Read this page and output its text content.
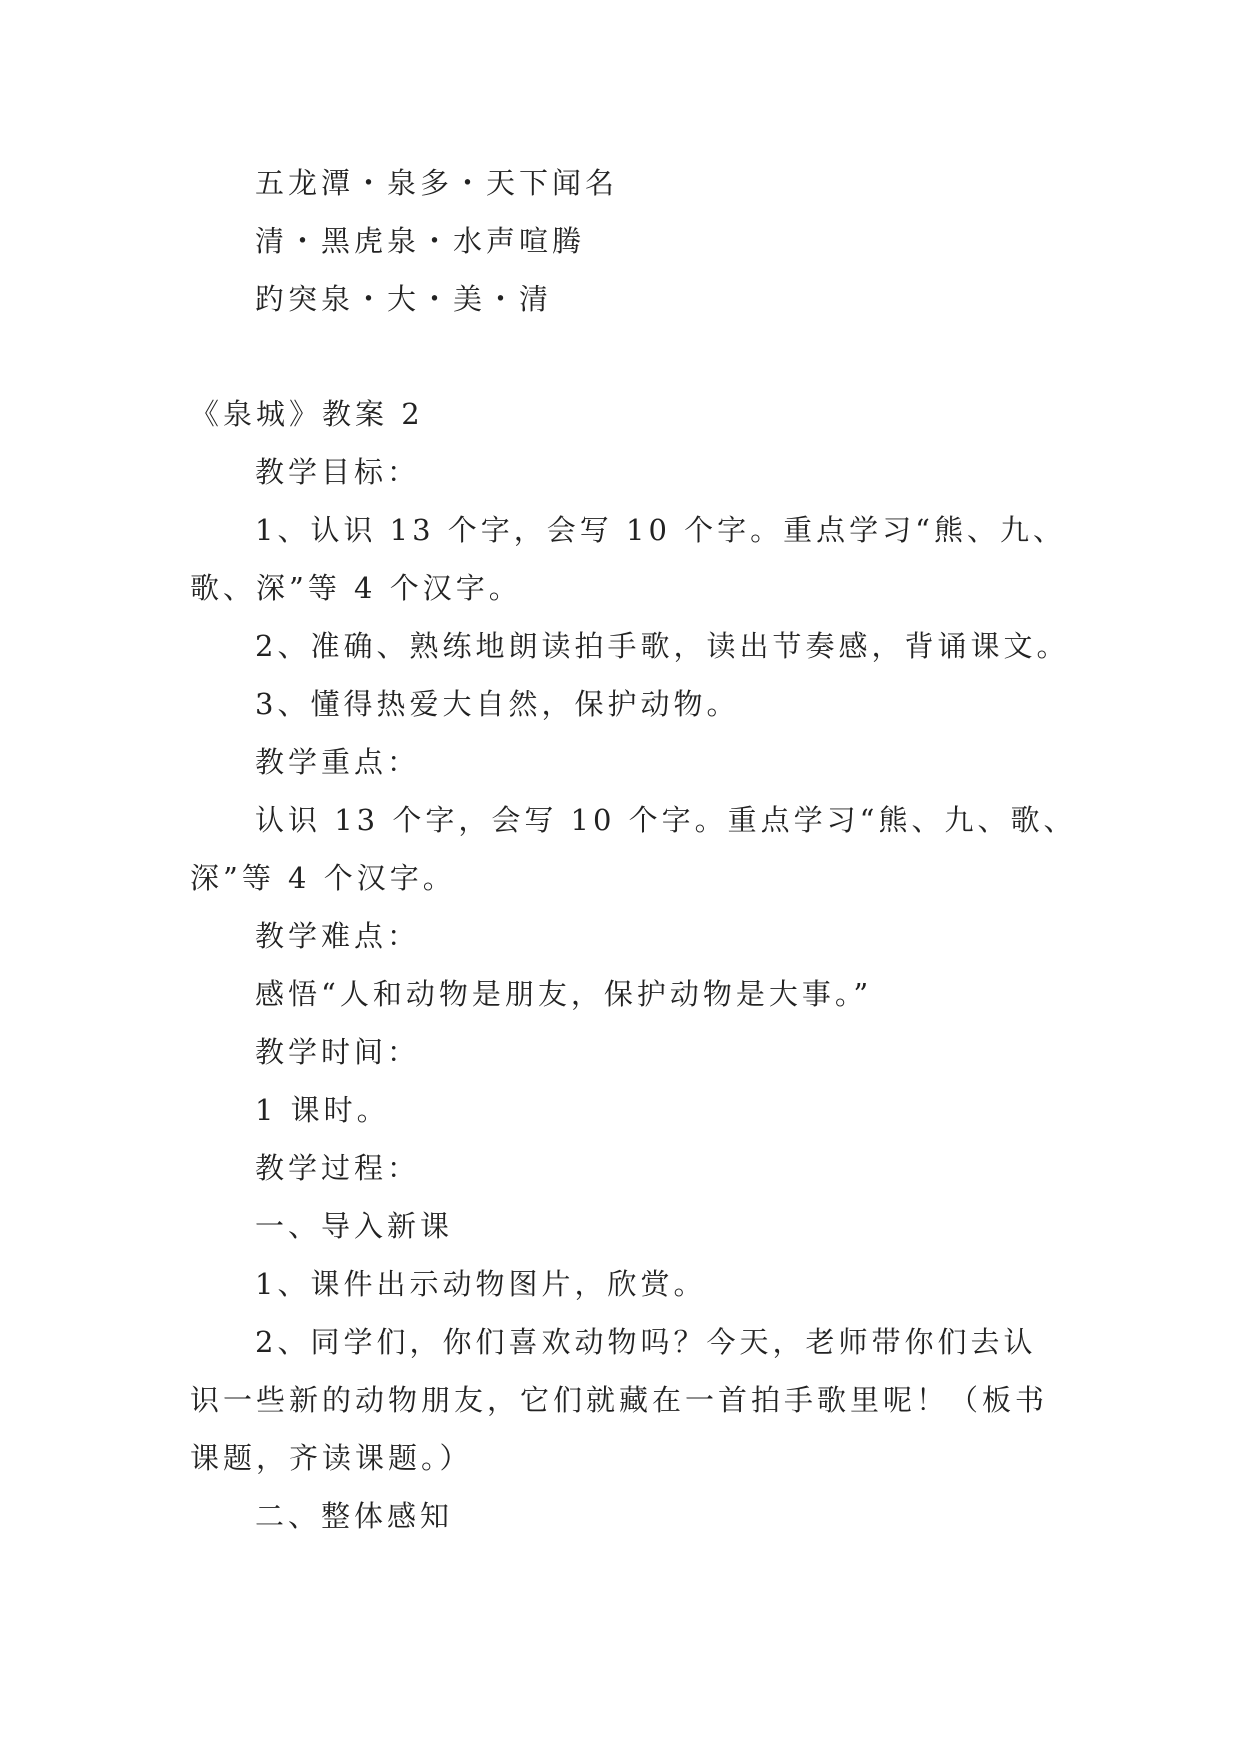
五龙潭・泉多・天下闻名
清・黑虎泉・水声喧腾
趵突泉・大・美・清
《泉城》教案 2
教学目标：
1、认识 13 个字，会写 10 个字。重点学习“熊、九、
歌、深”等 4 个汉字。
2、准确、熟练地朗读拍手歌，读出节奏感，背诵课文。
3、懂得热爱大自然，保护动物。
教学重点：
认识 13 个字，会写 10 个字。重点学习“熊、九、歌、
深”等 4 个汉字。
教学难点：
感悟“人和动物是朋友，保护动物是大事。”
教学时间：
1 课时。
教学过程：
一、导入新课
1、课件出示动物图片，欣赏。
2、同学们，你们喜欢动物吗？今天，老师带你们去认
识一些新的动物朋友，它们就藏在一首拍手歌里呢！（板书
课题，齐读课题。）
二、整体感知
